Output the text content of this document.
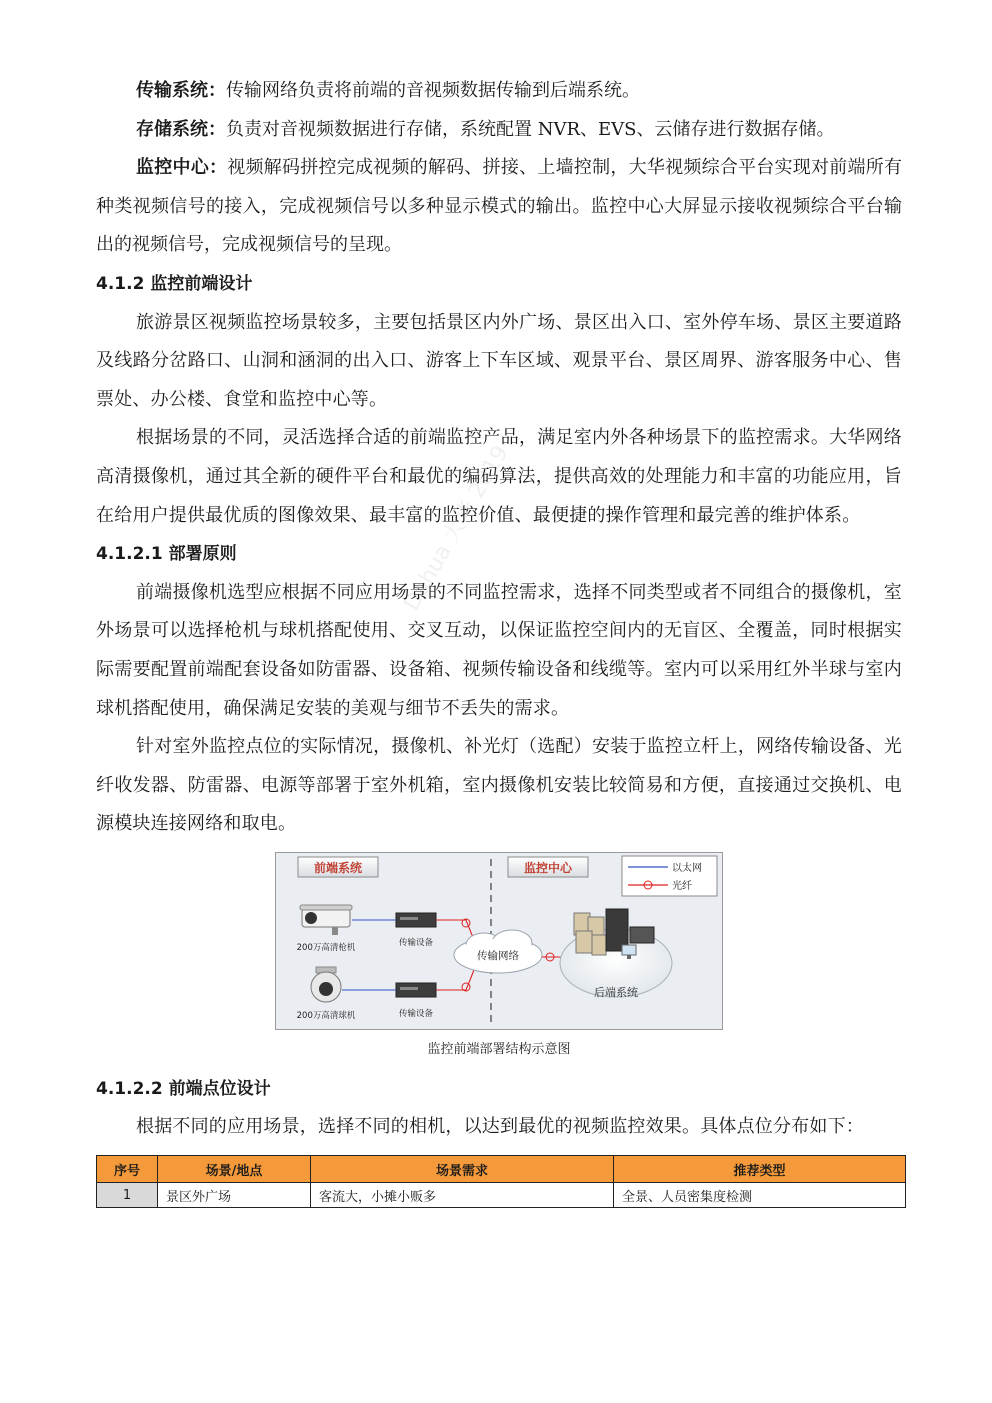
Dahua 大华 2019

传输系统：传输网络负责将前端的音视频数据传输到后端系统。

存储系统：负责对音视频数据进行存储，系统配置 NVR、EVS、云储存进行数据存储。

监控中心：视频解码拼控完成视频的解码、拼接、上墙控制，大华视频综合平台实现对前端所有种类视频信号的接入，完成视频信号以多种显示模式的输出。监控中心大屏显示接收视频综合平台输出的视频信号，完成视频信号的呈现。

4.1.2 监控前端设计

旅游景区视频监控场景较多，主要包括景区内外广场、景区出入口、室外停车场、景区主要道路及线路分岔路口、山洞和涵洞的出入口、游客上下车区域、观景平台、景区周界、游客服务中心、售票处、办公楼、食堂和监控中心等。

根据场景的不同，灵活选择合适的前端监控产品，满足室内外各种场景下的监控需求。大华网络高清摄像机，通过其全新的硬件平台和最优的编码算法，提供高效的处理能力和丰富的功能应用，旨在给用户提供最优质的图像效果、最丰富的监控价值、最便捷的操作管理和最完善的维护体系。

4.1.2.1 部署原则

前端摄像机选型应根据不同应用场景的不同监控需求，选择不同类型或者不同组合的摄像机，室外场景可以选择枪机与球机搭配使用、交叉互动，以保证监控空间内的无盲区、全覆盖，同时根据实际需要配置前端配套设备如防雷器、设备箱、视频传输设备和线缆等。室内可以采用红外半球与室内球机搭配使用，确保满足安装的美观与细节不丢失的需求。

针对室外监控点位的实际情况，摄像机、补光灯（选配）安装于监控立杆上，网络传输设备、光纤收发器、防雷器、电源等部署于室外机箱，室内摄像机安装比较简易和方便，直接通过交换机、电源模块连接网络和取电。

前端系统	监控中心	以太网
光纤
200万高清枪机
200万高清球机
传输设备
传输设备
传输网络
后端系统
监控前端部署结构示意图
4.1.2.2 前端点位设计

根据不同的应用场景，选择不同的相机，以达到最优的视频监控效果。具体点位分布如下：

序号	场景/地点	场景需求	推荐类型
1	景区外广场	客流大，小摊小贩多	全景、人员密集度检测
